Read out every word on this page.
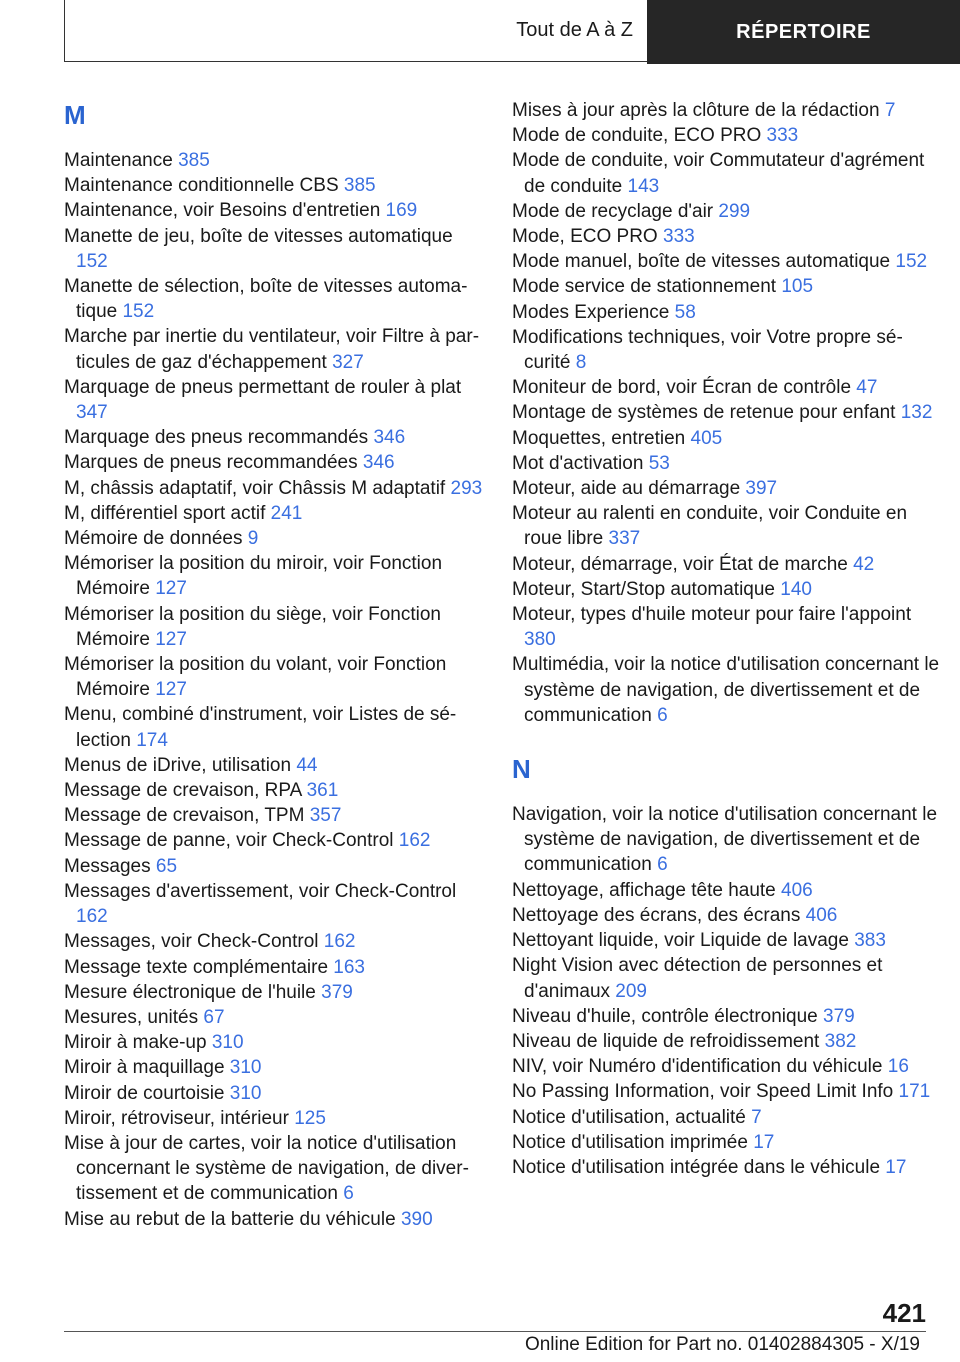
Tout de A à Z	RÉPERTOIRE
M
Maintenance 385
Maintenance conditionnelle CBS 385
Maintenance, voir Besoins d'entretien 169
Manette de jeu, boîte de vitesses automatique 152
Manette de sélection, boîte de vitesses automatique 152
Marche par inertie du ventilateur, voir Filtre à particules de gaz d'échappement 327
Marquage de pneus permettant de rouler à plat 347
Marquage des pneus recommandés 346
Marques de pneus recommandées 346
M, châssis adaptatif, voir Châssis M adaptatif 293
M, différentiel sport actif 241
Mémoire de données 9
Mémoriser la position du miroir, voir Fonction Mémoire 127
Mémoriser la position du siège, voir Fonction Mémoire 127
Mémoriser la position du volant, voir Fonction Mémoire 127
Menu, combiné d'instrument, voir Listes de sélection 174
Menus de iDrive, utilisation 44
Message de crevaison, RPA 361
Message de crevaison, TPM 357
Message de panne, voir Check-Control 162
Messages 65
Messages d'avertissement, voir Check-Control 162
Messages, voir Check-Control 162
Message texte complémentaire 163
Mesure électronique de l'huile 379
Mesures, unités 67
Miroir à make-up 310
Miroir à maquillage 310
Miroir de courtoisie 310
Miroir, rétroviseur, intérieur 125
Mise à jour de cartes, voir la notice d'utilisation concernant le système de navigation, de divertissement et de communication 6
Mise au rebut de la batterie du véhicule 390
Mises à jour après la clôture de la rédaction 7
Mode de conduite, ECO PRO 333
Mode de conduite, voir Commutateur d'agrément de conduite 143
Mode de recyclage d'air 299
Mode, ECO PRO 333
Mode manuel, boîte de vitesses automatique 152
Mode service de stationnement 105
Modes Experience 58
Modifications techniques, voir Votre propre sécurité 8
Moniteur de bord, voir Écran de contrôle 47
Montage de systèmes de retenue pour enfant 132
Moquettes, entretien 405
Mot d'activation 53
Moteur, aide au démarrage 397
Moteur au ralenti en conduite, voir Conduite en roue libre 337
Moteur, démarrage, voir État de marche 42
Moteur, Start/Stop automatique 140
Moteur, types d'huile moteur pour faire l'appoint 380
Multimédia, voir la notice d'utilisation concernant le système de navigation, de divertissement et de communication 6
N
Navigation, voir la notice d'utilisation concernant le système de navigation, de divertissement et de communication 6
Nettoyage, affichage tête haute 406
Nettoyage des écrans, des écrans 406
Nettoyant liquide, voir Liquide de lavage 383
Night Vision avec détection de personnes et d'animaux 209
Niveau d'huile, contrôle électronique 379
Niveau de liquide de refroidissement 382
NIV, voir Numéro d'identification du véhicule 16
No Passing Information, voir Speed Limit Info 171
Notice d'utilisation, actualité 7
Notice d'utilisation imprimée 17
Notice d'utilisation intégrée dans le véhicule 17
421
Online Edition for Part no. 01402884305 - X/19
